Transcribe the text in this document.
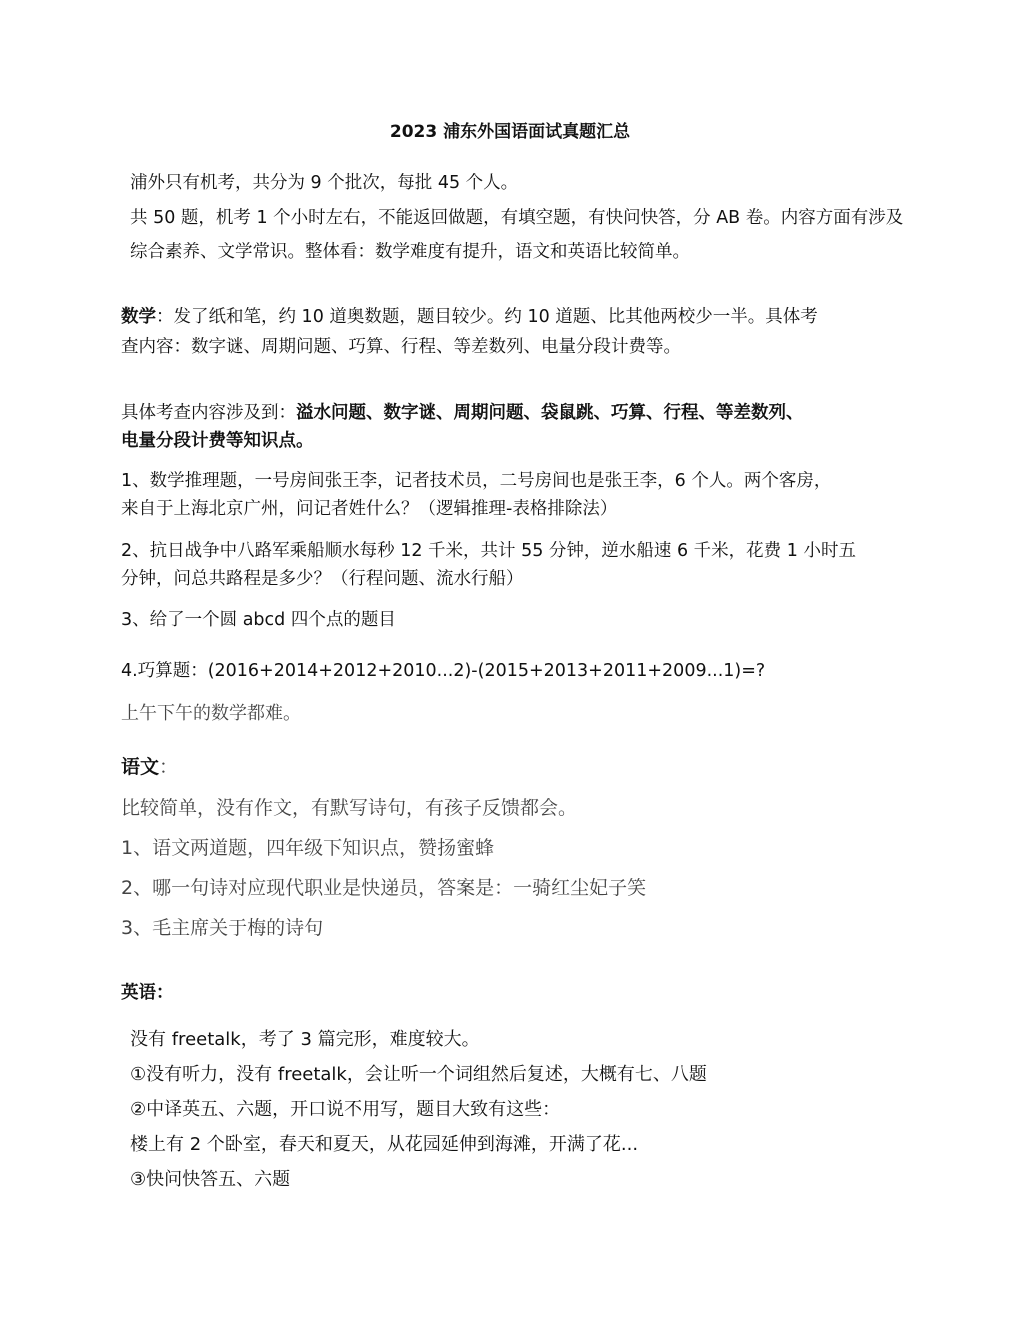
2023 浦东外国语面试真题汇总
浦外只有机考，共分为 9 个批次，每批 45 个人。
共 50 题，机考 1 个小时左右，不能返回做题，有填空题，有快问快答，分 AB 卷。内容方面有涉及
综合素养、文学常识。整体看：数学难度有提升，语文和英语比较简单。
数学：发了纸和笔，约 10 道奥数题，题目较少。约 10 道题、比其他两校少一半。具体考
查内容：数字谜、周期问题、巧算、行程、等差数列、电量分段计费等。
具体考查内容涉及到：溢水问题、数字谜、周期问题、袋鼠跳、巧算、行程、等差数列、
电量分段计费等知识点。
1、数学推理题，一号房间张王李，记者技术员，二号房间也是张王李，6 个人。两个客房，
来自于上海北京广州，问记者姓什么？（逻辑推理-表格排除法）
2、抗日战争中八路军乘船顺水每秒 12 千米，共计 55 分钟，逆水船速 6 千米，花费 1 小时五
分钟，问总共路程是多少？（行程问题、流水行船）
3、给了一个圆 abcd 四个点的题目
4.巧算题：(2016+2014+2012+2010...2)-(2015+2013+2011+2009...1)=?
上午下午的数学都难。
语文：
比较简单，没有作文，有默写诗句，有孩子反馈都会。
1、语文两道题，四年级下知识点，赞扬蜜蜂
2、哪一句诗对应现代职业是快递员，答案是：一骑红尘妃子笑
3、毛主席关于梅的诗句
英语：
没有 freetalk，考了 3 篇完形，难度较大。
①没有听力，没有 freetalk，会让听一个词组然后复述，大概有七、八题
②中译英五、六题，开口说不用写，题目大致有这些：
楼上有 2 个卧室，春天和夏天，从花园延伸到海滩，开满了花...
③快问快答五、六题
